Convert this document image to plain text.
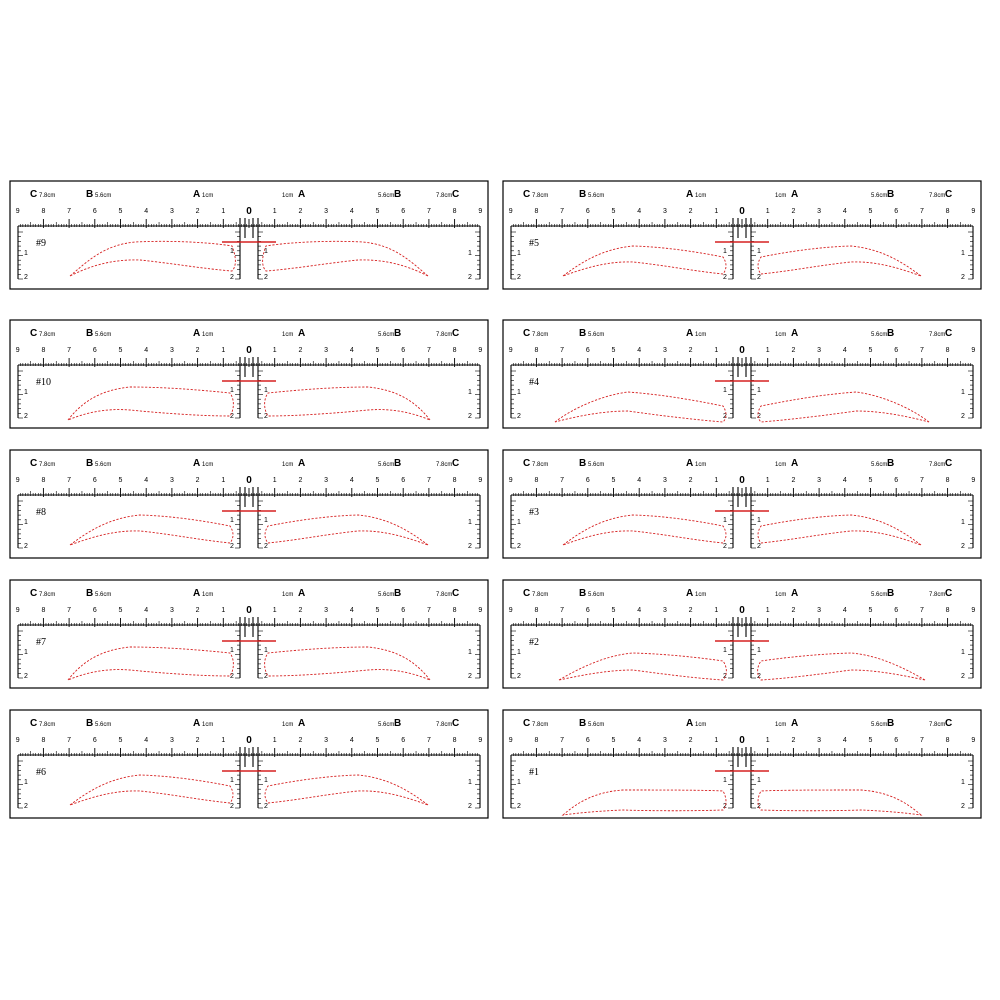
C 7.8cm	B 5.6cm	A 1cm	1cm A	5.6cm B	7.8cm C
9	8	7	6	5	4	3	2	1 0	1	2	3	4	5	6	7	8	9
1
2
1
2
1
2
1
2
#9
C 7.8cm	B 5.6cm	A 1cm	1cm A	5.6cm B	7.8cm C
9	8	7	6	5	4	3	2	1 0	1	2	3	4	5	6	7	8	9
1
2
1
2
1
2
1
2
#5
C 7.8cm	B 5.6cm	A 1cm	1cm A	5.6cm B	7.8cm C
9	8	7	6	5	4	3	2	1 0	1	2	3	4	5	6	7	8	9
1
2
1
2
1
2
1
2
#10
C 7.8cm	B 5.6cm	A 1cm	1cm A	5.6cm B	7.8cm C
9	8	7	6	5	4	3	2	1 0	1	2	3	4	5	6	7	8	9
1
2
1
2
1
2
1
2
#4
C 7.8cm	B 5.6cm	A 1cm	1cm A	5.6cm B	7.8cm C
9	8	7	6	5	4	3	2	1 0	1	2	3	4	5	6	7	8	9
1
2
1
2
1
2
1
2
#8
C 7.8cm	B 5.6cm	A 1cm	1cm A	5.6cm B	7.8cm C
9	8	7	6	5	4	3	2	1 0	1	2	3	4	5	6	7	8	9
1
2
1
2
1
2
1
2
#3
C 7.8cm	B 5.6cm	A 1cm	1cm A	5.6cm B	7.8cm C
9	8	7	6	5	4	3	2	1 0	1	2	3	4	5	6	7	8	9
1
2
1
2
1
2
1
2
#7
C 7.8cm	B 5.6cm	A 1cm	1cm A	5.6cm B	7.8cm C
9	8	7	6	5	4	3	2	1 0	1	2	3	4	5	6	7	8	9
1
2
1
2
1
2
1
2
#2
C 7.8cm	B 5.6cm	A 1cm	1cm A	5.6cm B	7.8cm C
9	8	7	6	5	4	3	2	1 0	1	2	3	4	5	6	7	8	9
1
2
1
2
1
2
1
2
#6
C 7.8cm	B 5.6cm	A 1cm	1cm A	5.6cm B	7.8cm C
9	8	7	6	5	4	3	2	1 0	1	2	3	4	5	6	7	8	9
1
2
1
2
1
2
1
2
#1
